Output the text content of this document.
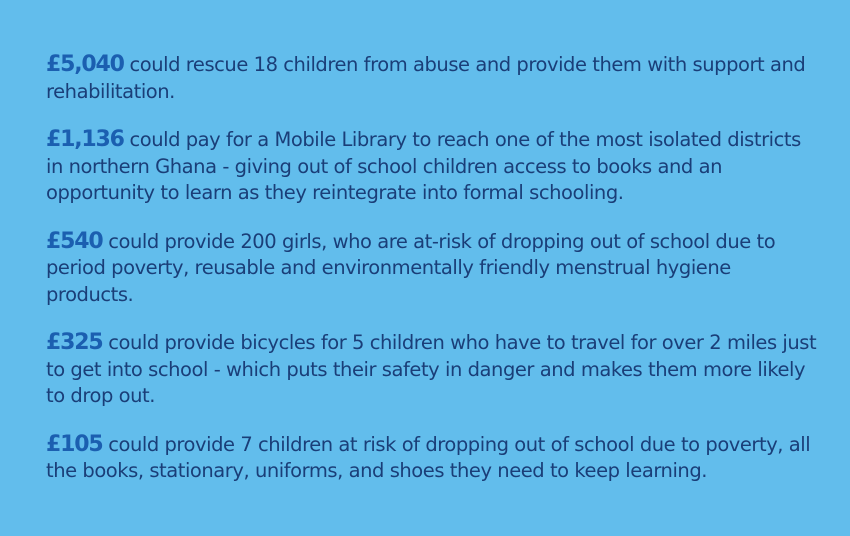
£5,040 could rescue 18 children from abuse and provide them with support and rehabilitation.

£1,136 could pay for a Mobile Library to reach one of the most isolated districts in northern Ghana - giving out of school children access to books and an opportunity to learn as they reintegrate into formal schooling.

£540 could provide 200 girls, who are at-risk of dropping out of school due to period poverty, reusable and environmentally friendly menstrual hygiene products.

£325 could provide bicycles for 5 children who have to travel for over 2 miles just to get into school - which puts their safety in danger and makes them more likely to drop out.

£105 could provide 7 children at risk of dropping out of school due to poverty, all the books, stationary, uniforms, and shoes they need to keep learning.
